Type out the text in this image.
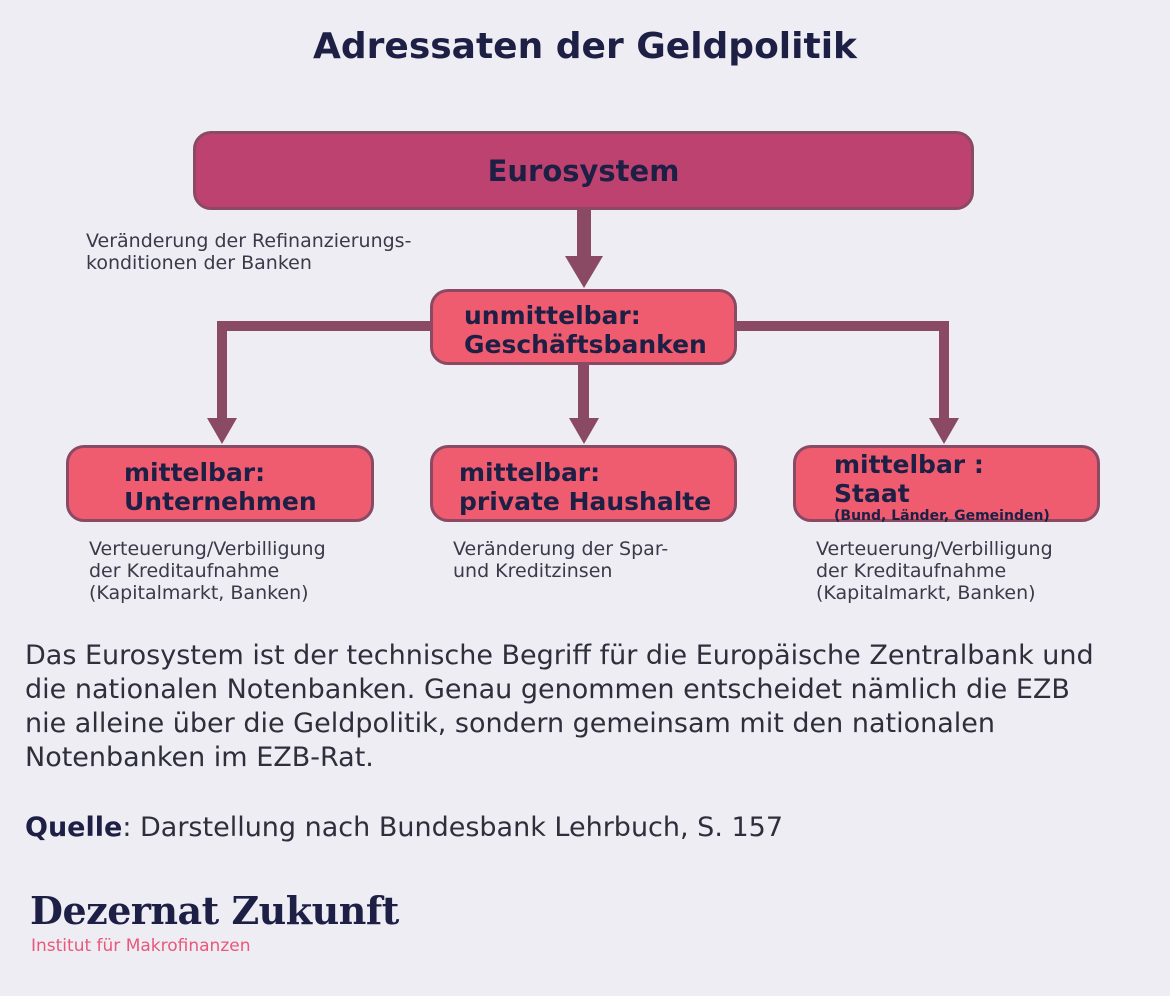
Adressaten der Geldpolitik
Eurosystem
Veränderung der Refinanzierungs-
konditionen der Banken
unmittelbar:
Geschäftsbanken
mittelbar:
Unternehmen
mittelbar:
private Haushalte
mittelbar :
Staat
(Bund, Länder, Gemeinden)
Verteuerung/Verbilligung
der Kreditaufnahme
(Kapitalmarkt, Banken)
Veränderung der Spar-
und Kreditzinsen
Verteuerung/Verbilligung
der Kreditaufnahme
(Kapitalmarkt, Banken)
Das Eurosystem ist der technische Begriff für die Europäische Zentralbank und
die nationalen Notenbanken. Genau genommen entscheidet nämlich die EZB
nie alleine über die Geldpolitik, sondern gemeinsam mit den nationalen
Notenbanken im EZB-Rat.
Quelle: Darstellung nach Bundesbank Lehrbuch, S. 157
Dezernat Zukunft
Institut für Makrofinanzen
